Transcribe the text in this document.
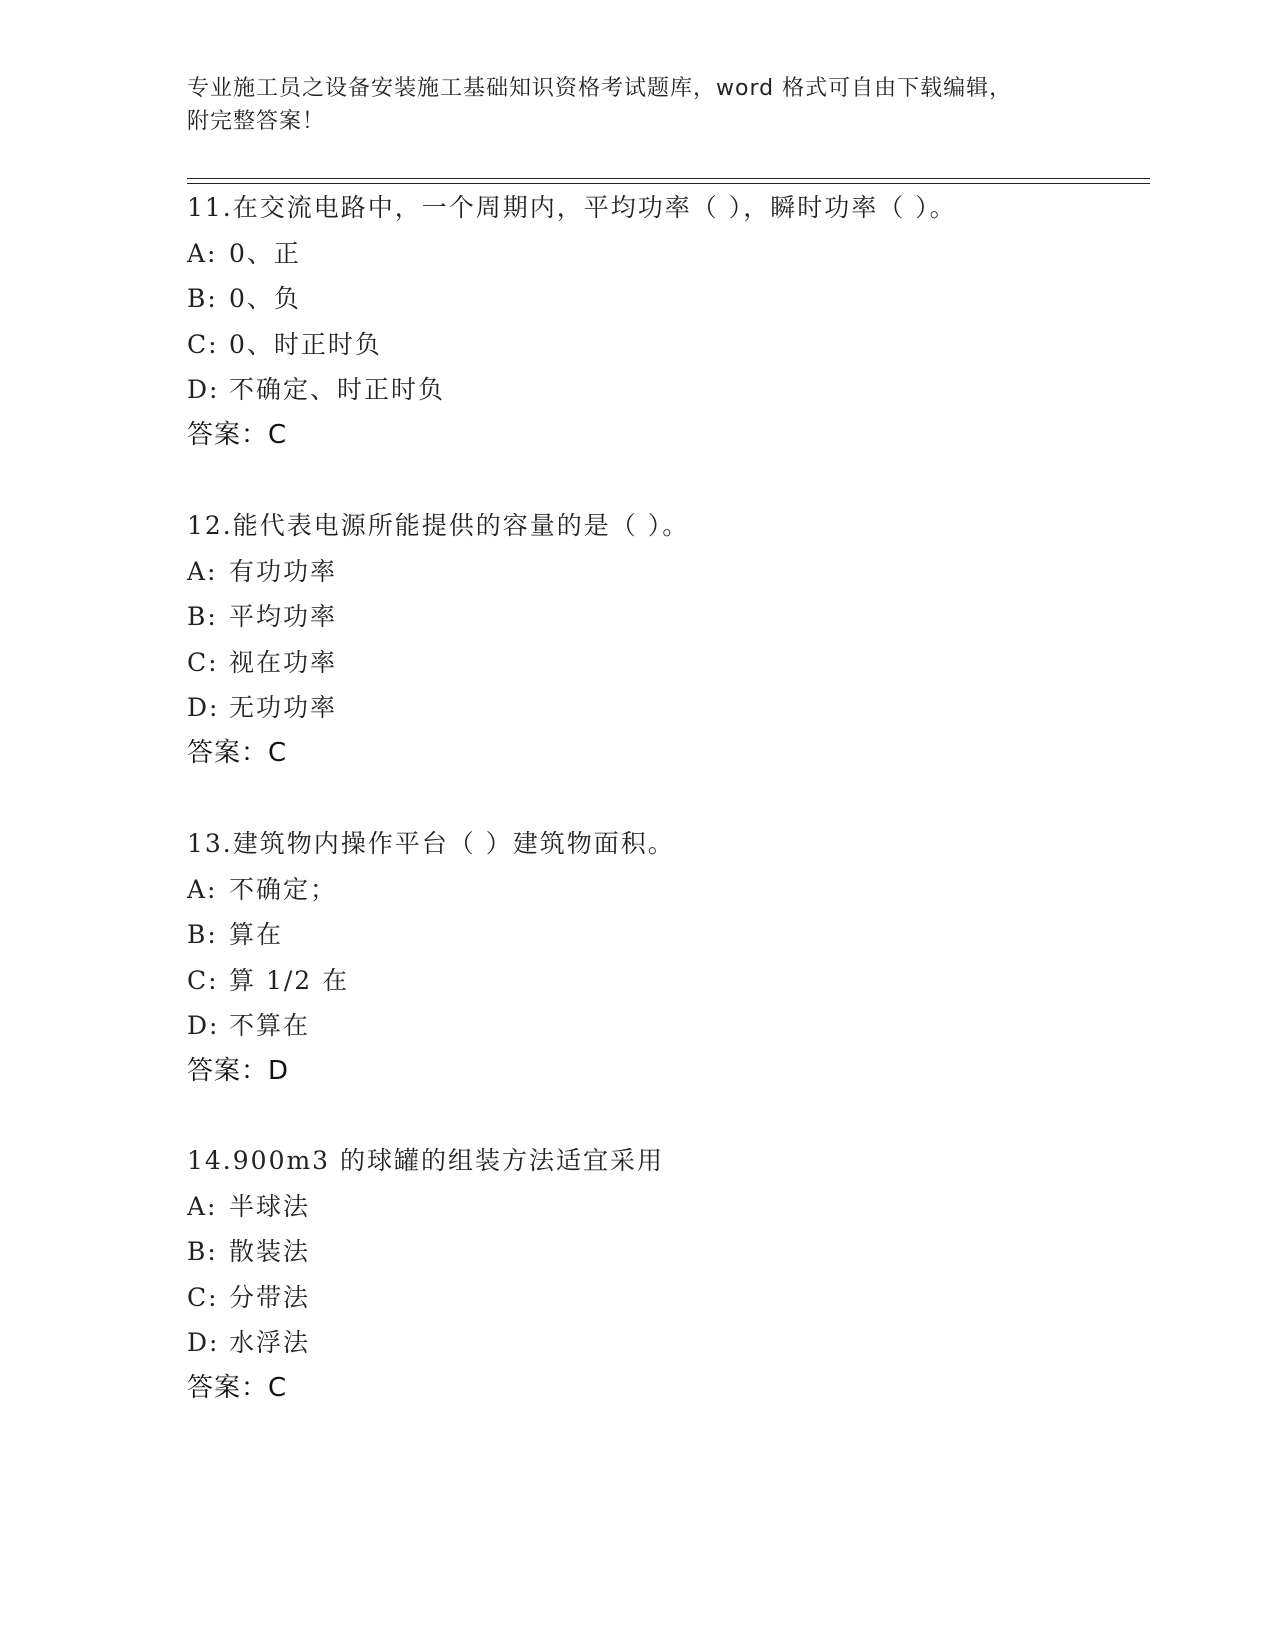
专业施工员之设备安装施工基础知识资格考试题库，word 格式可自由下载编辑，
附完整答案！
11.在交流电路中，一个周期内，平均功率（ ），瞬时功率（ ）。
A: 0、正
B: 0、负
C: 0、时正时负
D: 不确定、时正时负
答案：C
12.能代表电源所能提供的容量的是（ ）。
A: 有功功率
B: 平均功率
C: 视在功率
D: 无功功率
答案：C
13.建筑物内操作平台（ ）建筑物面积。
A: 不确定；
B: 算在
C: 算 1/2 在
D: 不算在
答案：D
14.900m3 的球罐的组装方法适宜采用
A: 半球法
B: 散装法
C: 分带法
D: 水浮法
答案：C
